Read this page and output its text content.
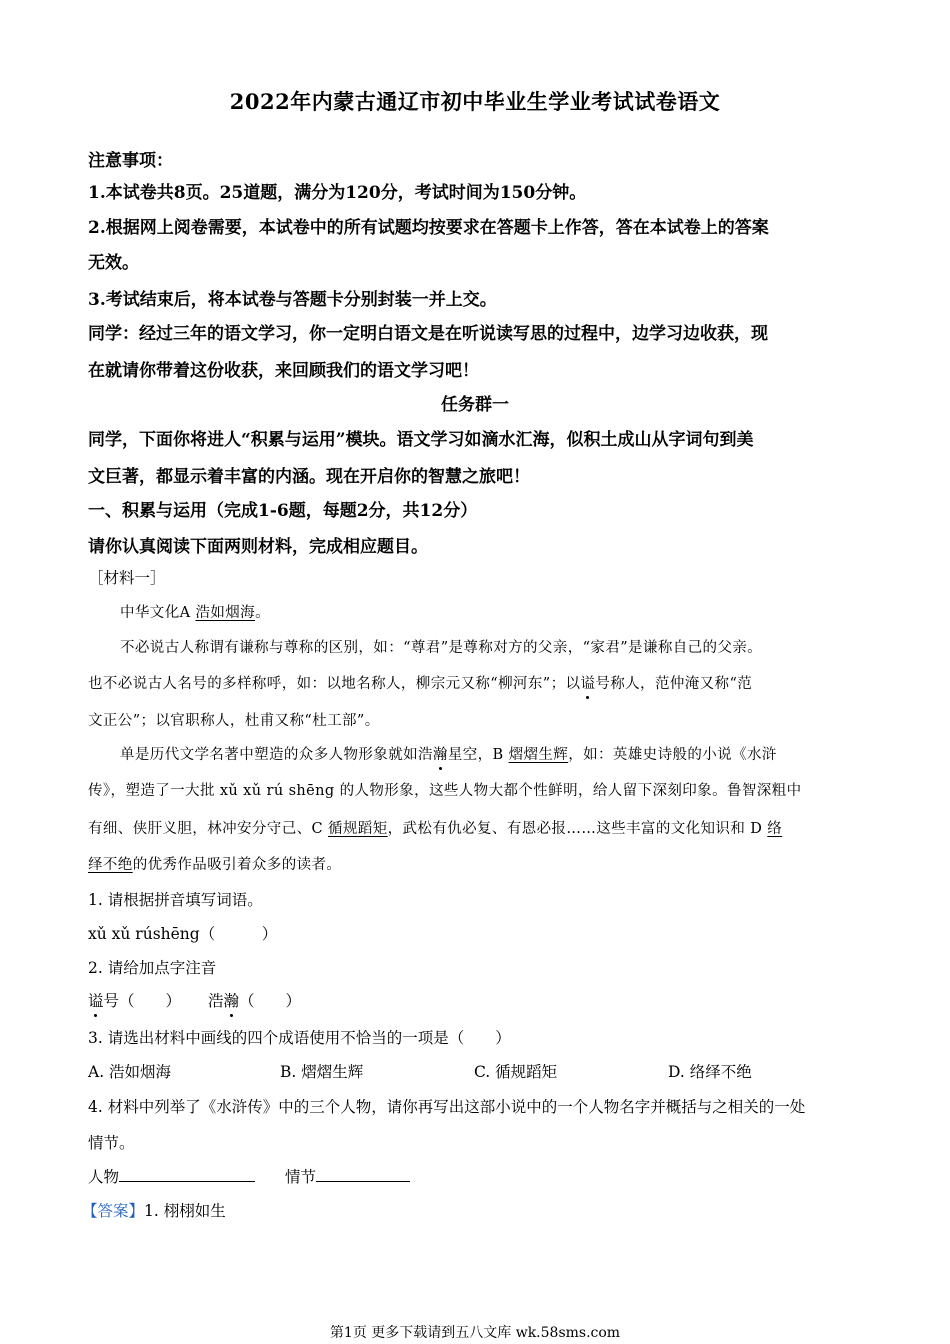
2022年内蒙古通辽市初中毕业生学业考试试卷语文
注意事项：
1.本试卷共8页。25道题，满分为120分，考试时间为150分钟。
2.根据网上阅卷需要，本试卷中的所有试题均按要求在答题卡上作答，答在本试卷上的答案
无效。
3.考试结束后，将本试卷与答题卡分别封装一并上交。
同学：经过三年的语文学习，你一定明白语文是在听说读写思的过程中，边学习边收获，现
在就请你带着这份收获，来回顾我们的语文学习吧！
任务群一
同学，下面你将进人“积累与运用”模块。语文学习如滴水汇海，似积土成山从字词句到美
文巨著，都显示着丰富的内涵。现在开启你的智慧之旅吧！
一、积累与运用（完成1-6题，每题2分，共12分）
请你认真阅读下面两则材料，完成相应题目。
［材料一］
中华文化A 浩如烟海。
不必说古人称谓有谦称与尊称的区别，如：“尊君”是尊称对方的父亲，“家君”是谦称自己的父亲。
也不必说古人名号的多样称呼，如：以地名称人，柳宗元又称“柳河东”；以谥号称人，范仲淹又称“范
文正公”；以官职称人，杜甫又称“杜工部”。
单是历代文学名著中塑造的众多人物形象就如浩瀚星空，B 熠熠生辉，如：英雄史诗般的小说《水浒
传》，塑造了一大批 xǔ xǔ rú shēng 的人物形象，这些人物大都个性鲜明，给人留下深刻印象。鲁智深粗中
有细、侠肝义胆，林冲安分守己、C 循规蹈矩，武松有仇必复、有恩必报……这些丰富的文化知识和 D 络
绎不绝的优秀作品吸引着众多的读者。
1. 请根据拼音填写词语。
xǔ xǔ rúshēng（　　　）
2. 请给加点字注音
谥号（　　） 浩瀚（　　）
3. 请选出材料中画线的四个成语使用不恰当的一项是（　　）
A. 浩如烟海	B. 熠熠生辉	C. 循规蹈矩	D. 络绎不绝
4. 材料中列举了《水浒传》中的三个人物，请你再写出这部小说中的一个人物名字并概括与之相关的一处
情节。
人物	情节
【答案】1. 栩栩如生
第1页 更多下载请到五八文库 wk.58sms.com
